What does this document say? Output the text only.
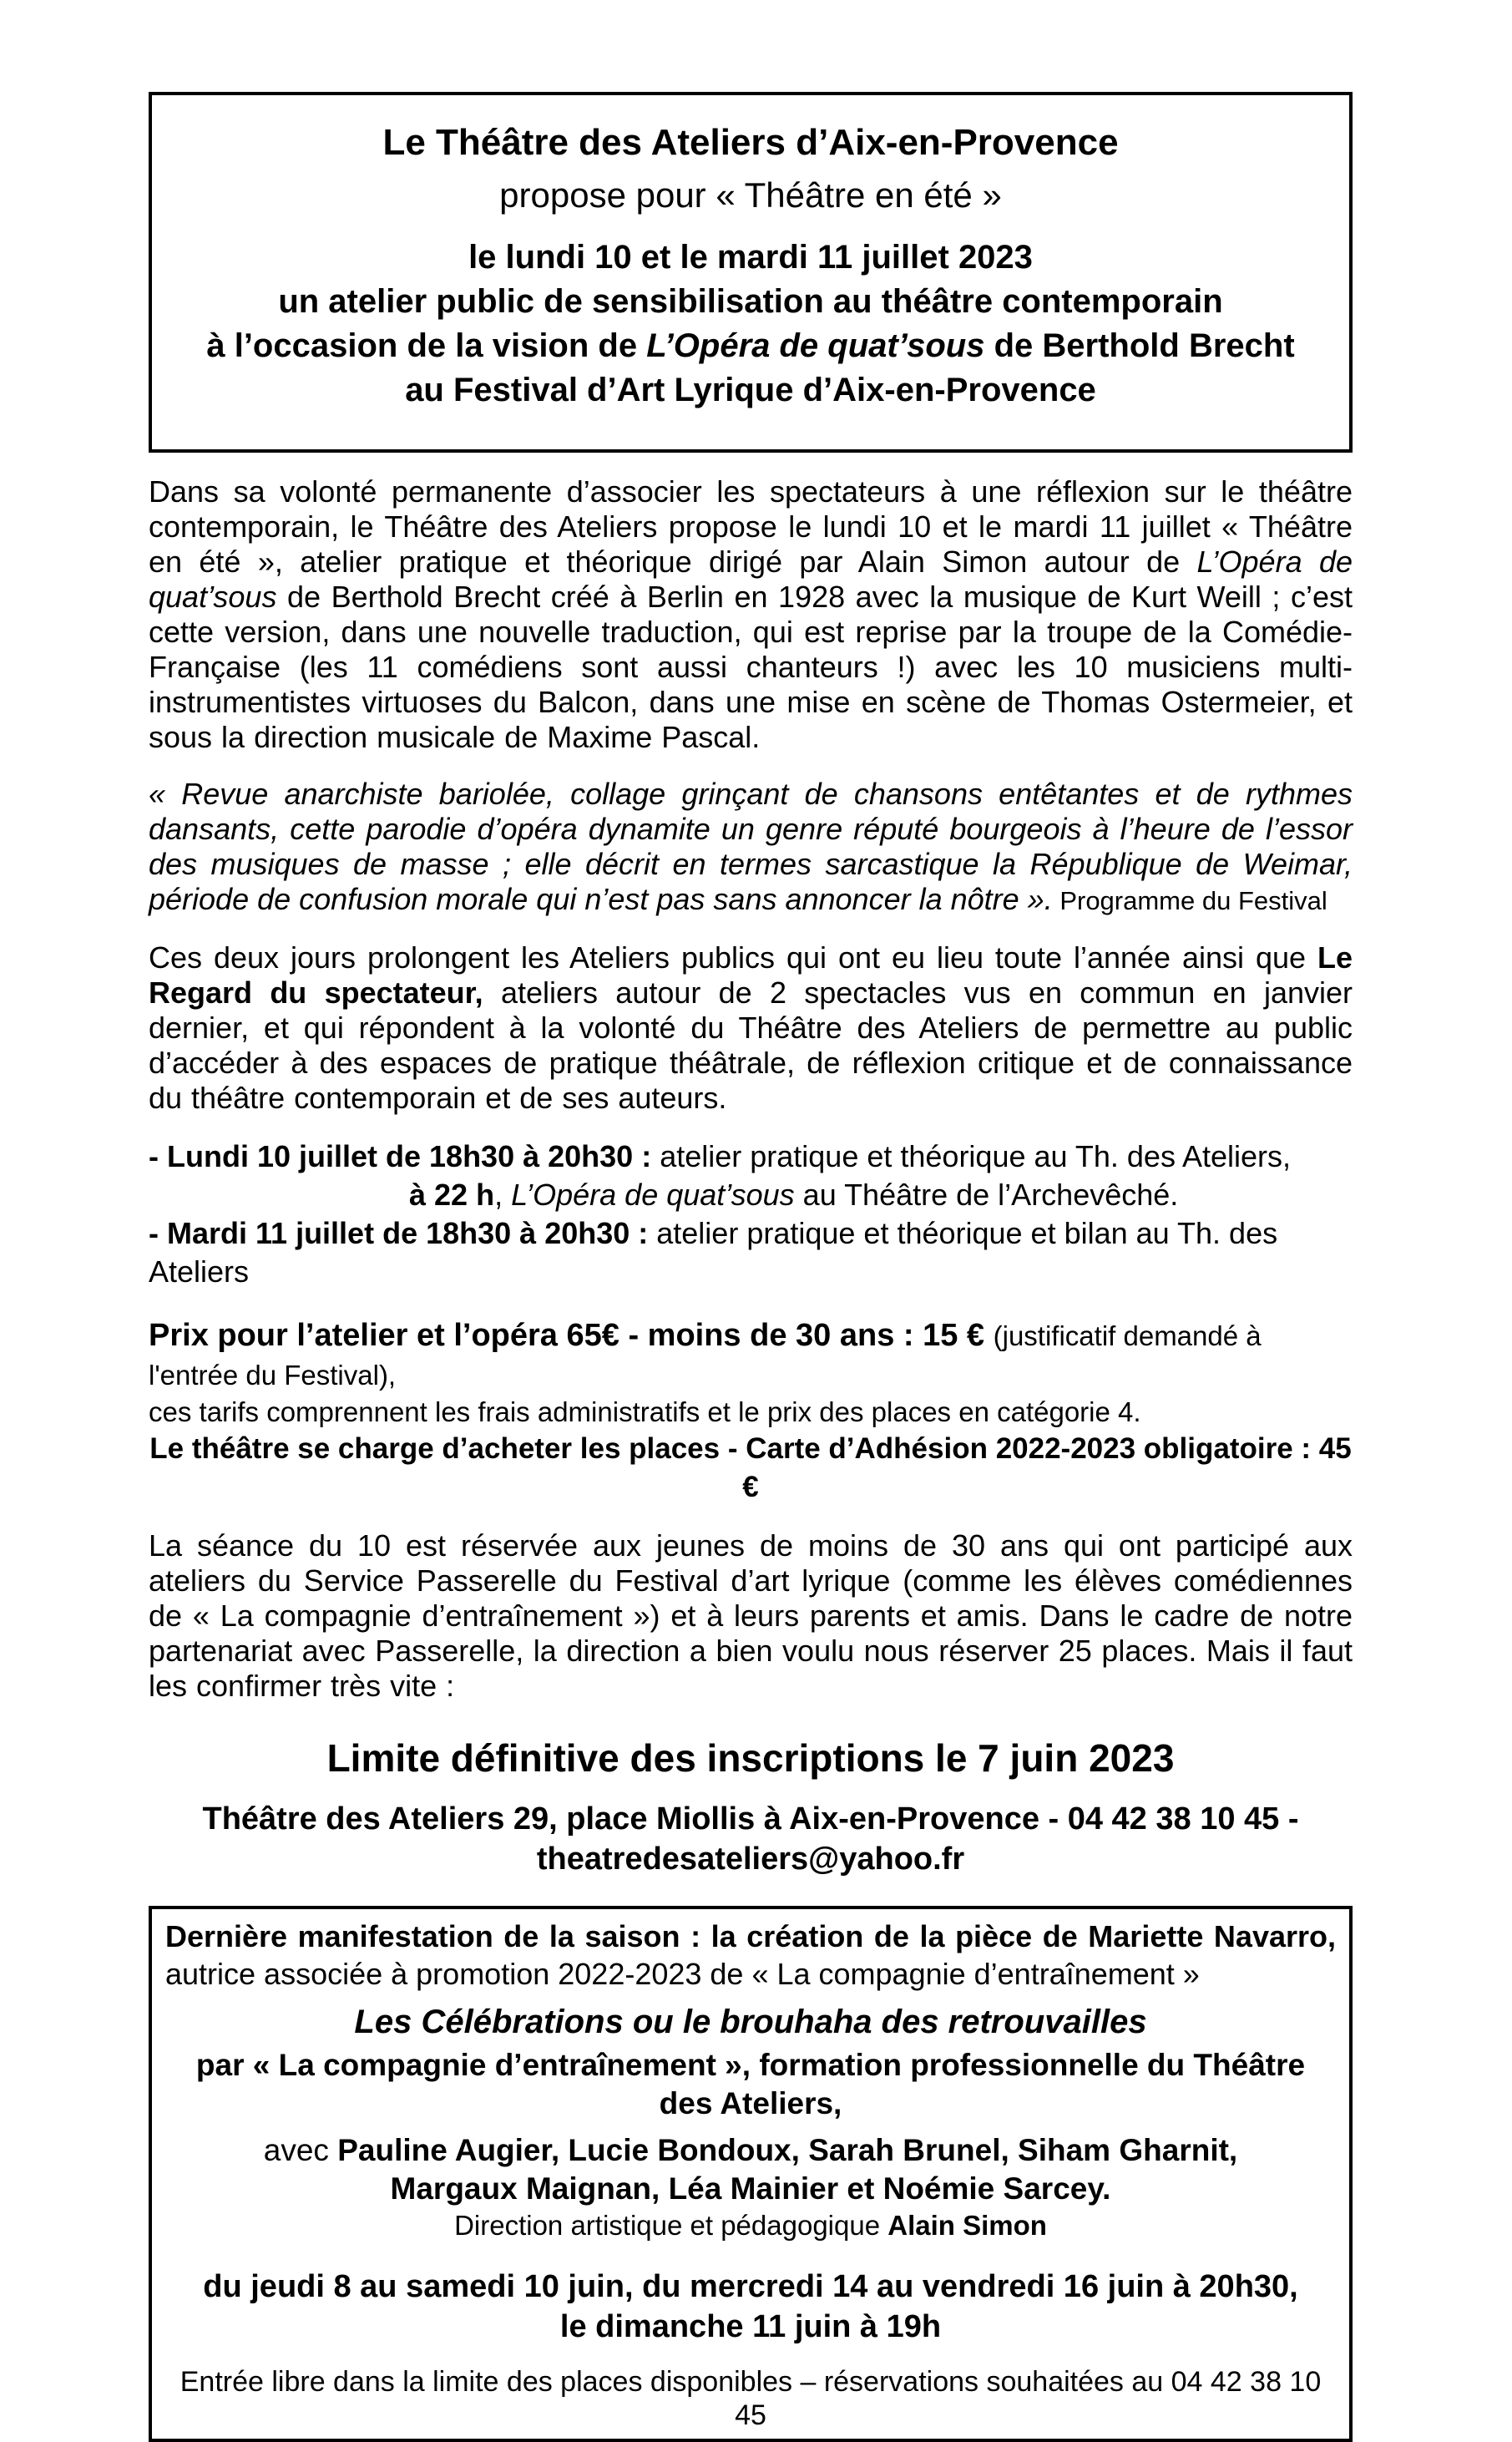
Le Théâtre des Ateliers d’Aix-en-Provence
propose pour « Théâtre en été »
le lundi 10 et le mardi 11 juillet 2023
un atelier public de sensibilisation au théâtre contemporain
à l’occasion de la vision de L’Opéra de quat’sous de Berthold Brecht
au Festival d’Art Lyrique d’Aix-en-Provence

Dans sa volonté permanente d’associer les spectateurs à une réflexion sur le théâtre contemporain, le Théâtre des Ateliers propose le lundi 10 et le mardi 11 juillet « Théâtre en été », atelier pratique et théorique dirigé par Alain Simon autour de L’Opéra de quat’sous de Berthold Brecht créé à Berlin en 1928 avec la musique de Kurt Weill ; c’est cette version, dans une nouvelle traduction, qui est reprise par la troupe de la Comédie-Française (les 11 comédiens sont aussi chanteurs !) avec les 10 musiciens multi-instrumentistes virtuoses du Balcon, dans une mise en scène de Thomas Ostermeier, et sous la direction musicale de Maxime Pascal.

« Revue anarchiste bariolée, collage grinçant de chansons entêtantes et de rythmes dansants, cette parodie d’opéra dynamite un genre réputé bourgeois à l’heure de l’essor des musiques de masse ; elle décrit en termes sarcastique la République de Weimar, période de confusion morale qui n’est pas sans annoncer la nôtre ». Programme du Festival

Ces deux jours prolongent les Ateliers publics qui ont eu lieu toute l’année ainsi que Le Regard du spectateur, ateliers autour de 2 spectacles vus en commun en janvier dernier, et qui répondent à la volonté du Théâtre des Ateliers de permettre au public d’accéder à des espaces de pratique théâtrale, de réflexion critique et de connaissance du théâtre contemporain et de ses auteurs.

- Lundi 10 juillet de 18h30 à 20h30 : atelier pratique et théorique au Th. des Ateliers,
à 22 h, L’Opéra de quat’sous au Théâtre de l’Archevêché.
- Mardi 11 juillet de 18h30 à 20h30 : atelier pratique et théorique et bilan au Th. des Ateliers
Prix pour l’atelier et l’opéra 65€ - moins de 30 ans : 15 € (justificatif demandé à l'entrée du Festival),
ces tarifs comprennent les frais administratifs et le prix des places en catégorie 4.
Le théâtre se charge d’acheter les places - Carte d’Adhésion 2022-2023 obligatoire : 45 €

La séance du 10 est réservée aux jeunes de moins de 30 ans qui ont participé aux ateliers du Service Passerelle du Festival d’art lyrique (comme les élèves comédiennes de « La compagnie d’entraînement ») et à leurs parents et amis. Dans le cadre de notre partenariat avec Passerelle, la direction a bien voulu nous réserver 25 places. Mais il faut les confirmer très vite :

Limite définitive des inscriptions le 7 juin 2023
Théâtre des Ateliers 29, place Miollis à Aix-en-Provence - 04 42 38 10 45 -
theatredesateliers@yahoo.fr
Dernière manifestation de la saison : la création de la pièce de Mariette Navarro, autrice associée à promotion 2022-2023 de « La compagnie d’entraînement »
Les Célébrations ou le brouhaha des retrouvailles
par « La compagnie d’entraînement », formation professionnelle du Théâtre des Ateliers,
avec Pauline Augier, Lucie Bondoux, Sarah Brunel, Siham Gharnit,
Margaux Maignan, Léa Mainier et Noémie Sarcey.
Direction artistique et pédagogique Alain Simon
du jeudi 8 au samedi 10 juin, du mercredi 14 au vendredi 16 juin à 20h30,
le dimanche 11 juin à 19h
Entrée libre dans la limite des places disponibles – réservations souhaitées au 04 42 38 10 45
